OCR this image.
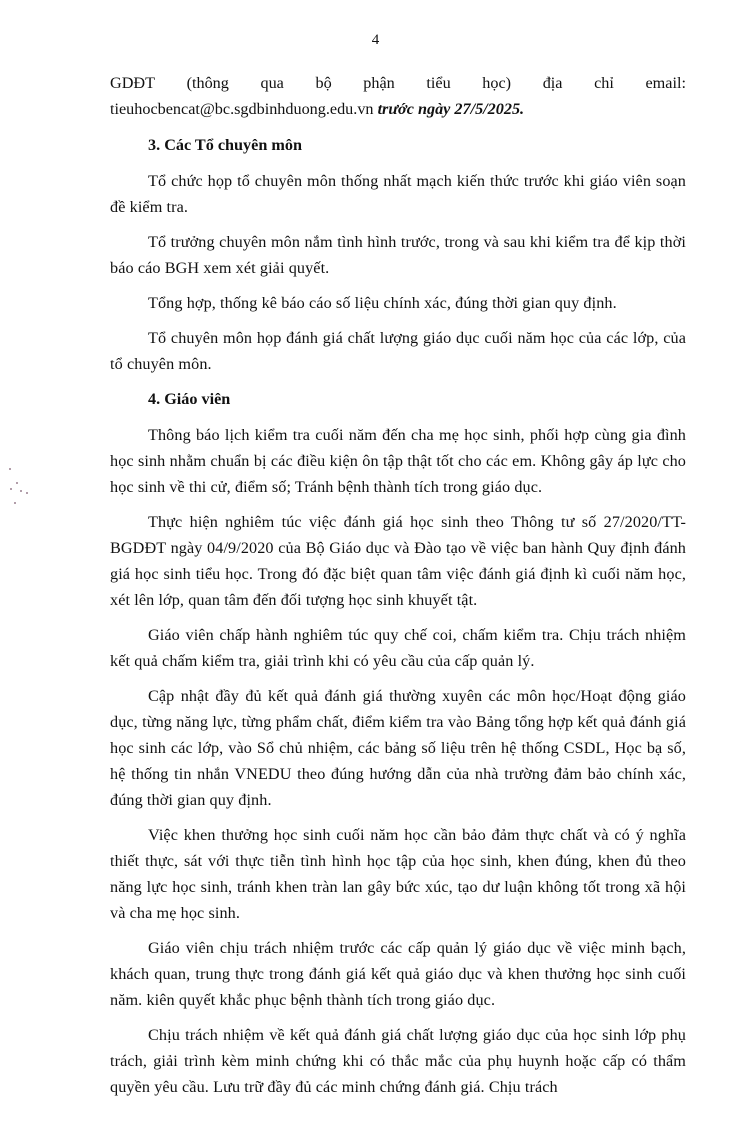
4
GDĐT (thông qua bộ phận tiểu học) địa chỉ email:

tieuhocbencat@bc.sgdbinhduong.edu.vn trước ngày 27/5/2025.

3. Các Tổ chuyên môn

Tổ chức họp tổ chuyên môn thống nhất mạch kiến thức trước khi giáo viên soạn đề kiểm tra.

Tổ trưởng chuyên môn nắm tình hình trước, trong và sau khi kiểm tra để kịp thời báo cáo BGH xem xét giải quyết.

Tổng hợp, thống kê báo cáo số liệu chính xác, đúng thời gian quy định.

Tổ chuyên môn họp đánh giá chất lượng giáo dục cuối năm học của các lớp, của tổ chuyên môn.

4. Giáo viên

Thông báo lịch kiểm tra cuối năm đến cha mẹ học sinh, phối hợp cùng gia đình học sinh nhằm chuẩn bị các điều kiện ôn tập thật tốt cho các em. Không gây áp lực cho học sinh về thi cử, điểm số; Tránh bệnh thành tích trong giáo dục.

Thực hiện nghiêm túc việc đánh giá học sinh theo Thông tư số 27/2020/TT-BGDĐT ngày 04/9/2020 của Bộ Giáo dục và Đào tạo về việc ban hành Quy định đánh giá học sinh tiểu học. Trong đó đặc biệt quan tâm việc đánh giá định kì cuối năm học, xét lên lớp, quan tâm đến đối tượng học sinh khuyết tật.

Giáo viên chấp hành nghiêm túc quy chế coi, chấm kiểm tra. Chịu trách nhiệm kết quả chấm kiểm tra, giải trình khi có yêu cầu của cấp quản lý.

Cập nhật đầy đủ kết quả đánh giá thường xuyên các môn học/Hoạt động giáo dục, từng năng lực, từng phẩm chất, điểm kiểm tra vào Bảng tổng hợp kết quả đánh giá học sinh các lớp, vào Sổ chủ nhiệm, các bảng số liệu trên hệ thống CSDL, Học bạ số, hệ thống tin nhắn VNEDU theo đúng hướng dẫn của nhà trường đảm bảo chính xác, đúng thời gian quy định.

Việc khen thưởng học sinh cuối năm học cần bảo đảm thực chất và có ý nghĩa thiết thực, sát với thực tiễn tình hình học tập của học sinh, khen đúng, khen đủ theo năng lực học sinh, tránh khen tràn lan gây bức xúc, tạo dư luận không tốt trong xã hội và cha mẹ học sinh.

Giáo viên chịu trách nhiệm trước các cấp quản lý giáo dục về việc minh bạch, khách quan, trung thực trong đánh giá kết quả giáo dục và khen thưởng học sinh cuối năm. kiên quyết khắc phục bệnh thành tích trong giáo dục.

Chịu trách nhiệm về kết quả đánh giá chất lượng giáo dục của học sinh lớp phụ trách, giải trình kèm minh chứng khi có thắc mắc của phụ huynh hoặc cấp có thẩm quyền yêu cầu. Lưu trữ đầy đủ các minh chứng đánh giá. Chịu trách
